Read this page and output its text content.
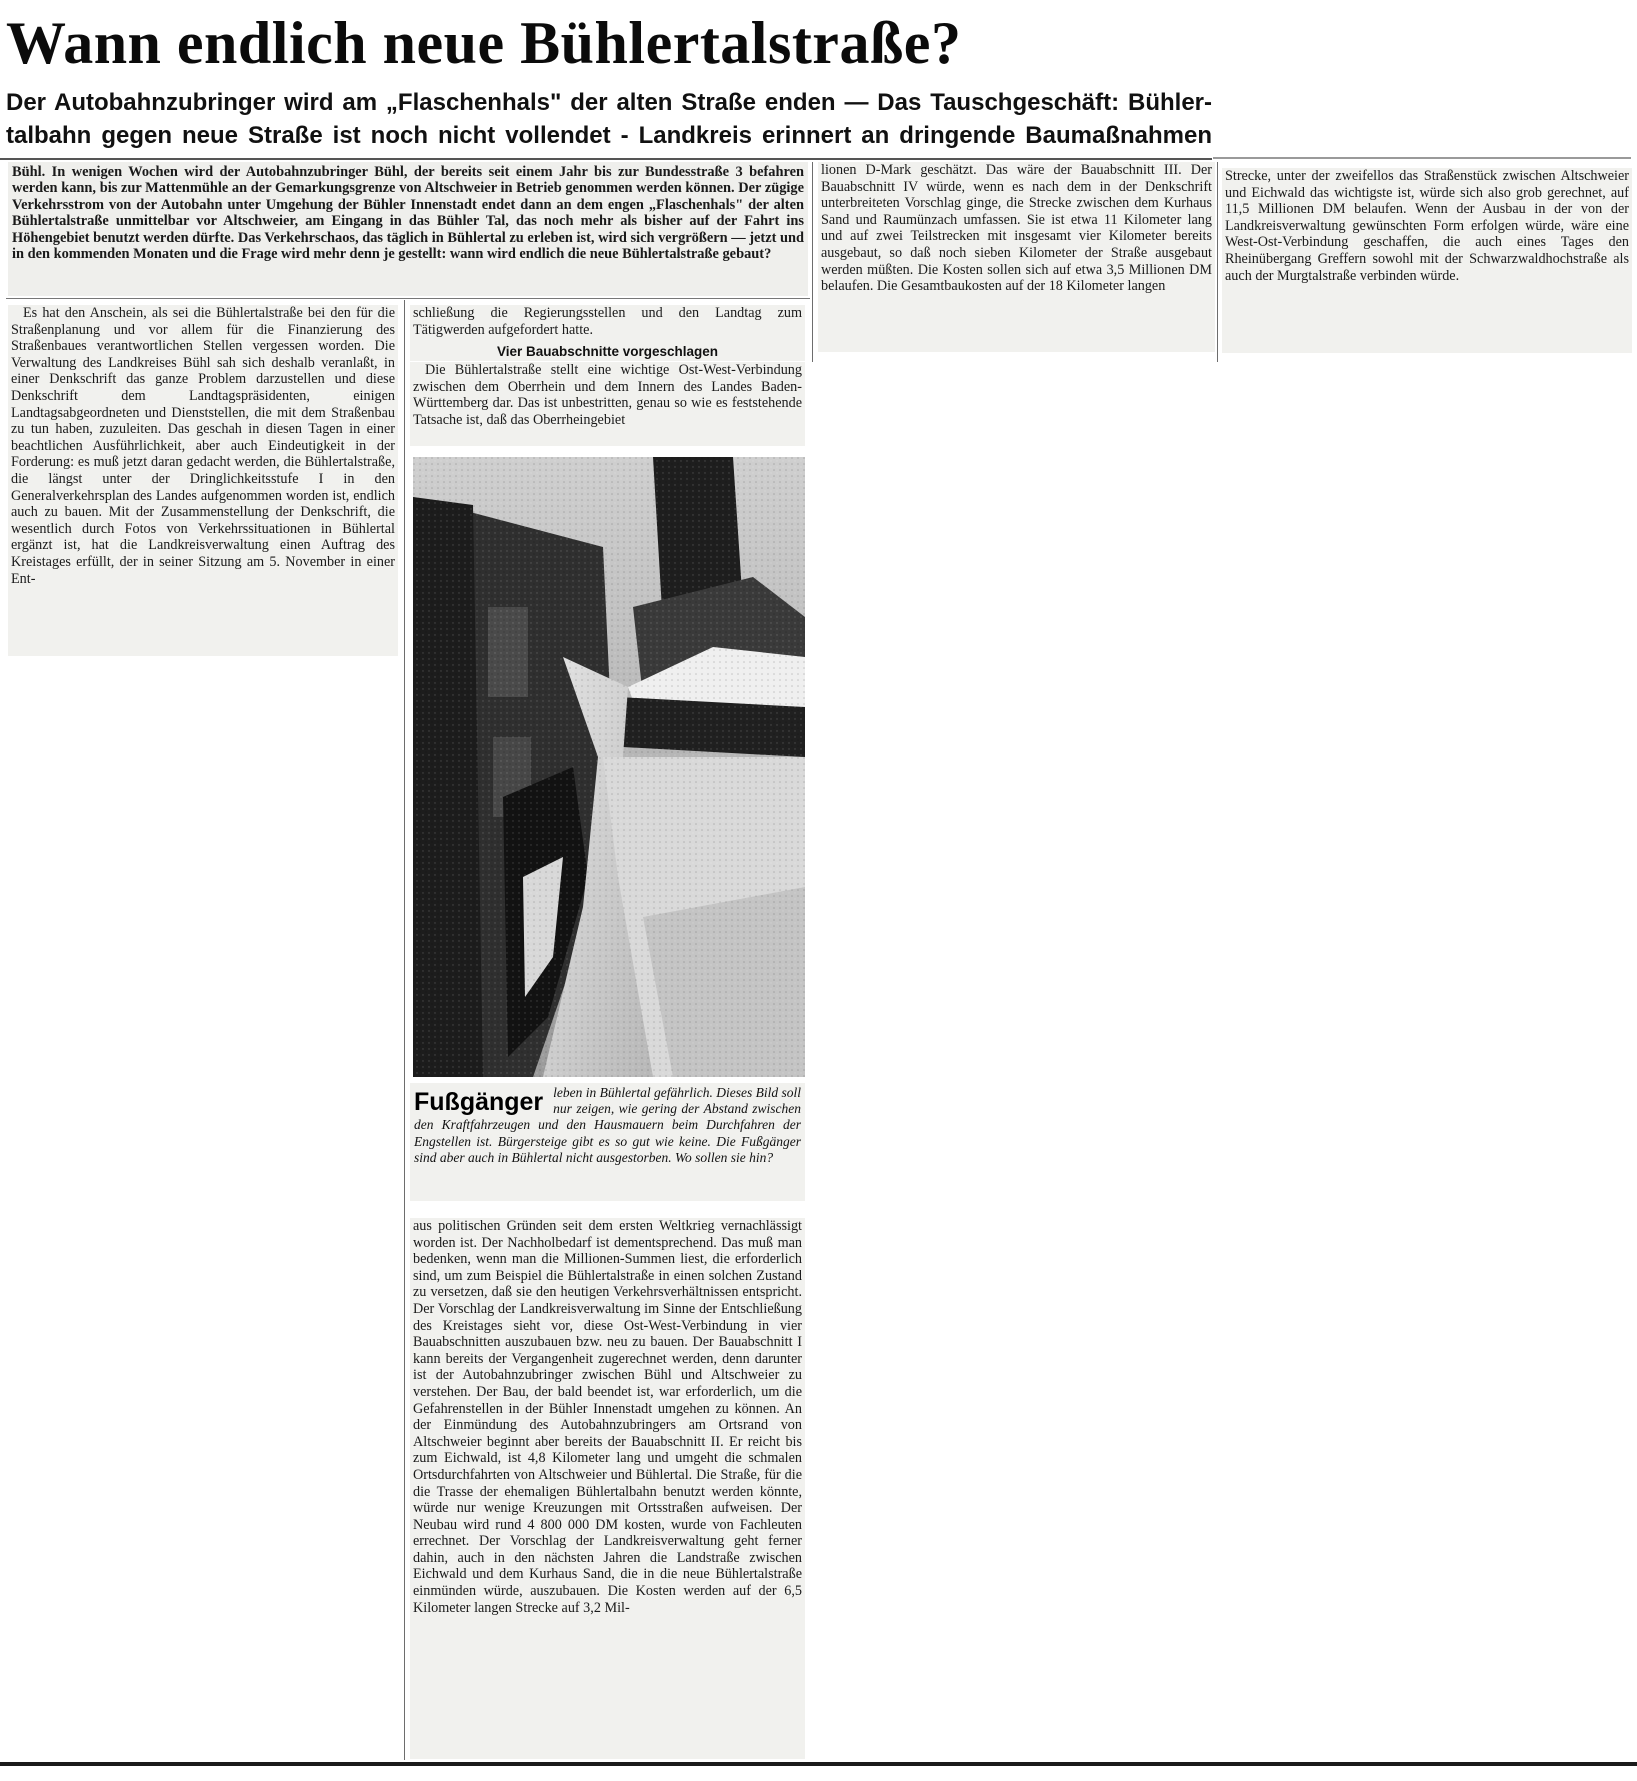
Wann endlich neue Bühlertalstraße?
Der Autobahnzubringer wird am „Flaschenhals" der alten Straße enden — Das Tauschgeschäft: Bühler-
talbahn gegen neue Straße ist noch nicht vollendet - Landkreis erinnert an dringende Baumaßnahmen
Bühl. In wenigen Wochen wird der Autobahnzubringer Bühl, der bereits seit einem Jahr bis zur Bundesstraße 3 befahren werden kann, bis zur Mattenmühle an der Gemarkungsgrenze von Altschweier in Betrieb genommen werden können. Der zügige Verkehrsstrom von der Autobahn unter Umgehung der Bühler Innenstadt endet dann an dem engen „Flaschenhals" der alten Bühlertalstraße unmittelbar vor Altschweier, am Eingang in das Bühler Tal, das noch mehr als bisher auf der Fahrt ins Höhengebiet benutzt werden dürfte. Das Verkehrschaos, das täglich in Bühlertal zu erleben ist, wird sich vergrößern — jetzt und in den kommenden Monaten und die Frage wird mehr denn je gestellt: wann wird endlich die neue Bühlertalstraße gebaut?

Es hat den Anschein, als sei die Bühlertalstraße bei den für die Straßenplanung und vor allem für die Finanzierung des Straßenbaues verantwortlichen Stellen vergessen worden. Die Verwaltung des Landkreises Bühl sah sich deshalb veranlaßt, in einer Denkschrift das ganze Problem darzustellen und diese Denkschrift dem Landtagspräsidenten, einigen Landtagsabgeordneten und Dienststellen, die mit dem Straßenbau zu tun haben, zuzuleiten. Das geschah in diesen Tagen in einer beachtlichen Ausführlichkeit, aber auch Eindeutigkeit in der Forderung: es muß jetzt daran gedacht werden, die Bühlertalstraße, die längst unter der Dringlichkeitsstufe I in den Generalverkehrsplan des Landes aufgenommen worden ist, endlich auch zu bauen. Mit der Zusammenstellung der Denkschrift, die wesentlich durch Fotos von Verkehrssituationen in Bühlertal ergänzt ist, hat die Landkreisverwaltung einen Auftrag des Kreistages erfüllt, der in seiner Sitzung am 5. November in einer Ent-

schließung die Regierungsstellen und den Landtag zum Tätigwerden aufgefordert hatte.

Vier Bauabschnitte vorgeschlagen

Die Bühlertalstraße stellt eine wichtige Ost-West-Verbindung zwischen dem Oberrhein und dem Innern des Landes Baden-Württemberg dar. Das ist unbestritten, genau so wie es feststehende Tatsache ist, daß das Oberrheingebiet

Fußgänger leben in Bühlertal gefährlich. Dieses Bild soll nur zeigen, wie gering der Abstand zwischen den Kraftfahrzeugen und den Hausmauern beim Durchfahren der Engstellen ist. Bürgersteige gibt es so gut wie keine. Die Fußgänger sind aber auch in Bühlertal nicht ausgestorben. Wo sollen sie hin?

aus politischen Gründen seit dem ersten Weltkrieg vernachlässigt worden ist. Der Nachholbedarf ist dementsprechend. Das muß man bedenken, wenn man die Millionen-Summen liest, die erforderlich sind, um zum Beispiel die Bühlertalstraße in einen solchen Zustand zu versetzen, daß sie den heutigen Verkehrsverhältnissen entspricht. Der Vorschlag der Landkreisverwaltung im Sinne der Entschließung des Kreistages sieht vor, diese Ost-West-Verbindung in vier Bauabschnitten auszubauen bzw. neu zu bauen. Der Bauabschnitt I kann bereits der Vergangenheit zugerechnet werden, denn darunter ist der Autobahnzubringer zwischen Bühl und Altschweier zu verstehen. Der Bau, der bald beendet ist, war erforderlich, um die Gefahrenstellen in der Bühler Innenstadt umgehen zu können. An der Einmündung des Autobahnzubringers am Ortsrand von Altschweier beginnt aber bereits der Bauabschnitt II. Er reicht bis zum Eichwald, ist 4,8 Kilometer lang und umgeht die schmalen Ortsdurchfahrten von Altschweier und Bühlertal. Die Straße, für die die Trasse der ehemaligen Bühlertalbahn benutzt werden könnte, würde nur wenige Kreuzungen mit Ortsstraßen aufweisen. Der Neubau wird rund 4 800 000 DM kosten, wurde von Fachleuten errechnet. Der Vorschlag der Landkreisverwaltung geht ferner dahin, auch in den nächsten Jahren die Landstraße zwischen Eichwald und dem Kurhaus Sand, die in die neue Bühlertalstraße einmünden würde, auszubauen. Die Kosten werden auf der 6,5 Kilometer langen Strecke auf 3,2 Mil-

lionen D-Mark geschätzt. Das wäre der Bauabschnitt III. Der Bauabschnitt IV würde, wenn es nach dem in der Denkschrift unterbreiteten Vorschlag ginge, die Strecke zwischen dem Kurhaus Sand und Raumünzach umfassen. Sie ist etwa 11 Kilometer lang und auf zwei Teilstrecken mit insgesamt vier Kilometer bereits ausgebaut, so daß noch sieben Kilometer der Straße ausgebaut werden müßten. Die Kosten sollen sich auf etwa 3,5 Millionen DM belaufen. Die Gesamtbaukosten auf der 18 Kilometer langen

Strecke, unter der zweifellos das Straßenstück zwischen Altschweier und Eichwald das wichtigste ist, würde sich also grob gerechnet, auf 11,5 Millionen DM belaufen. Wenn der Ausbau in der von der Landkreisverwaltung gewünschten Form erfolgen würde, wäre eine West-Ost-Verbindung geschaffen, die auch eines Tages den Rheinübergang Greffern sowohl mit der Schwarzwaldhochstraße als auch der Murgtalstraße verbinden würde.
